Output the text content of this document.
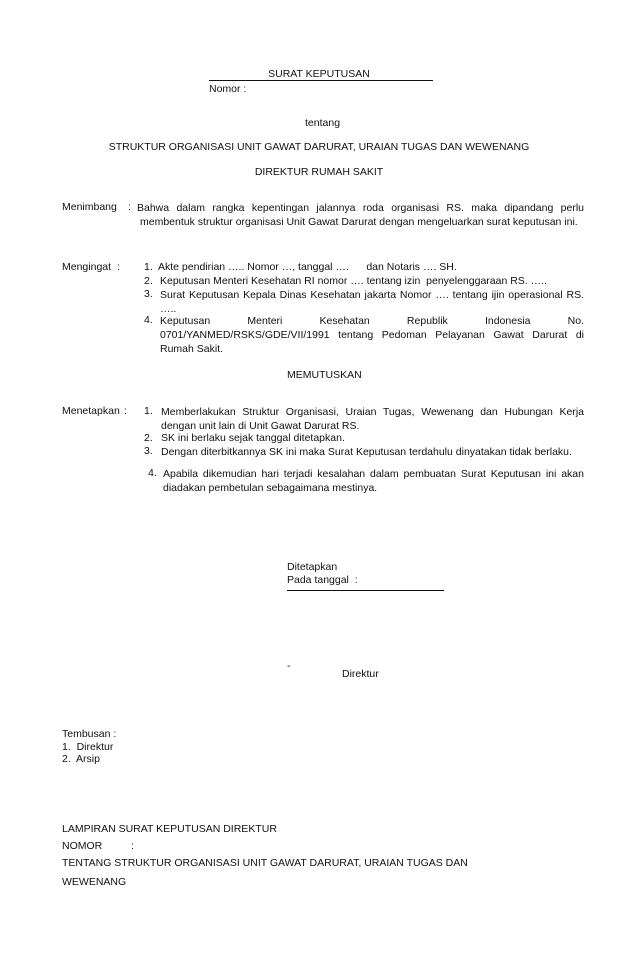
SURAT KEPUTUSAN
Nomor :
tentang
STRUKTUR ORGANISASI UNIT GAWAT DARURAT, URAIAN TUGAS DAN WEWENANG
DIREKTUR RUMAH SAKIT
Menimbang : Bahwa dalam rangka kepentingan jalannya roda organisasi RS. maka dipandang perlu membentuk struktur organisasi Unit Gawat Darurat dengan mengeluarkan surat keputusan ini.
Mengingat : 1. Akte pendirian ….. Nomor …, tanggal ….      dan Notaris …. SH.
2. Keputusan Menteri Kesehatan RI nomor …. tentang izin  penyelenggaraan RS. …..
3. Surat Keputusan Kepala Dinas Kesehatan jakarta Nomor …. tentang ijin operasional RS. …..
4. Keputusan Menteri Kesehatan Republik Indonesia No. 0701/YANMED/RSKS/GDE/VII/1991 tentang Pedoman Pelayanan Gawat Darurat di Rumah Sakit.
MEMUTUSKAN
Menetapkan : 1. Memberlakukan Struktur Organisasi, Uraian Tugas, Wewenang dan Hubungan Kerja dengan unit lain di Unit Gawat Darurat RS.
2. SK ini berlaku sejak tanggal ditetapkan.
3. Dengan diterbitkannya SK ini maka Surat Keputusan terdahulu dinyatakan tidak berlaku.
4. Apabila dikemudian hari terjadi kesalahan dalam pembuatan Surat Keputusan ini akan diadakan pembetulan sebagaimana mestinya.
Ditetapkan
Pada tanggal  :
-
Direktur
Tembusan :
1.  Direktur
2.  Arsip
LAMPIRAN SURAT KEPUTUSAN DIREKTUR
NOMOR	:
TENTANG STRUKTUR ORGANISASI UNIT GAWAT DARURAT, URAIAN TUGAS DAN
WEWENANG
